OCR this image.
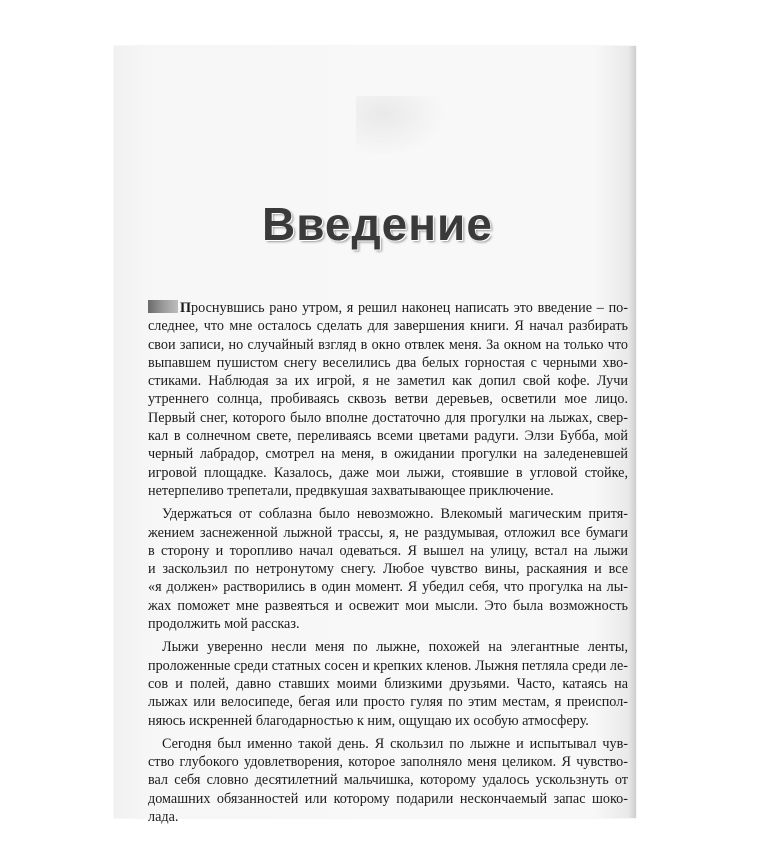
Введение
Проснувшись рано утром, я решил наконец написать это введение – по-
следнее, что мне осталось сделать для завершения книги. Я начал разбирать
свои записи, но случайный взгляд в окно отвлек меня. За окном на только что
выпавшем пушистом снегу веселились два белых горностая с черными хво-
стиками. Наблюдая за их игрой, я не заметил как допил свой кофе. Лучи
утреннего солнца, пробиваясь сквозь ветви деревьев, осветили мое лицо.
Первый снег, которого было вполне достаточно для прогулки на лыжах, свер-
кал в солнечном свете, переливаясь всеми цветами радуги. Элзи Бубба, мой
черный лабрадор, смотрел на меня, в ожидании прогулки на заледеневшей
игровой площадке. Казалось, даже мои лыжи, стоявшие в угловой стойке,
нетерпеливо трепетали, предвкушая захватывающее приключение.
Удержаться от соблазна было невозможно. Влекомый магическим притя-
жением заснеженной лыжной трассы, я, не раздумывая, отложил все бумаги
в сторону и торопливо начал одеваться. Я вышел на улицу, встал на лыжи
и заскользил по нетронутому снегу. Любое чувство вины, раскаяния и все
«я должен» растворились в один момент. Я убедил себя, что прогулка на лы-
жах поможет мне развеяться и освежит мои мысли. Это была возможность
продолжить мой рассказ.
Лыжи уверенно несли меня по лыжне, похожей на элегантные ленты,
проложенные среди статных сосен и крепких кленов. Лыжня петляла среди ле-
сов и полей, давно ставших моими близкими друзьями. Часто, катаясь на
лыжах или велосипеде, бегая или просто гуляя по этим местам, я преиспол-
няюсь искренней благодарностью к ним, ощущаю их особую атмосферу.
Сегодня был именно такой день. Я скользил по лыжне и испытывал чув-
ство глубокого удовлетворения, которое заполняло меня целиком. Я чувство-
вал себя словно десятилетний мальчишка, которому удалось ускользнуть от
домашних обязанностей или которому подарили нескончаемый запас шоко-
лада.
